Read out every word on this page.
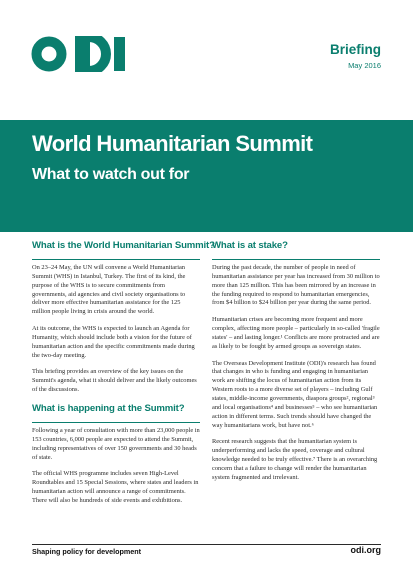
Briefing
May 2016
World Humanitarian Summit
What to watch out for
What is the World Humanitarian Summit?

On 23–24 May, the UN will convene a World Humanitarian Summit (WHS) in Istanbul, Turkey. The first of its kind, the purpose of the WHS is to secure commitments from governments, aid agencies and civil society organisations to deliver more effective humanitarian assistance for the 125 million people living in crisis around the world.

At its outcome, the WHS is expected to launch an Agenda for Humanity, which should include both a vision for the future of humanitarian action and the specific commitments made during the two-day meeting.

This briefing provides an overview of the key issues on the Summit's agenda, what it should deliver and the likely outcomes of the discussions.

What is happening at the Summit?

Following a year of consultation with more than 23,000 people in 153 countries, 6,000 people are expected to attend the Summit, including representatives of over 150 governments and 30 heads of state.

The official WHS programme includes seven High-Level Roundtables and 15 Special Sessions, where states and leaders in humanitarian action will announce a range of commitments. There will also be hundreds of side events and exhibitions.

What is at stake?

During the past decade, the number of people in need of humanitarian assistance per year has increased from 30 million to more than 125 million. This has been mirrored by an increase in the funding required to respond to humanitarian emergencies, from $4 billion to $24 billion per year during the same period.

Humanitarian crises are becoming more frequent and more complex, affecting more people – particularly in so-called 'fragile states' – and lasting longer.¹ Conflicts are more protracted and are as likely to be fought by armed groups as sovereign states.

The Overseas Development Institute (ODI)'s research has found that changes in who is funding and engaging in humanitarian work are shifting the locus of humanitarian action from its Western roots to a more diverse set of players – including Gulf states, middle-income governments, diaspora groups², regional³ and local organisations⁴ and businesses⁵ – who see humanitarian action in different terms. Such trends should have changed the way humanitarians work, but have not.⁶

Recent research suggests that the humanitarian system is underperforming and lacks the speed, coverage and cultural knowledge needed to be truly effective.⁷ There is an overarching concern that a failure to change will render the humanitarian system fragmented and irrelevant.

Shaping policy for development	odi.org
